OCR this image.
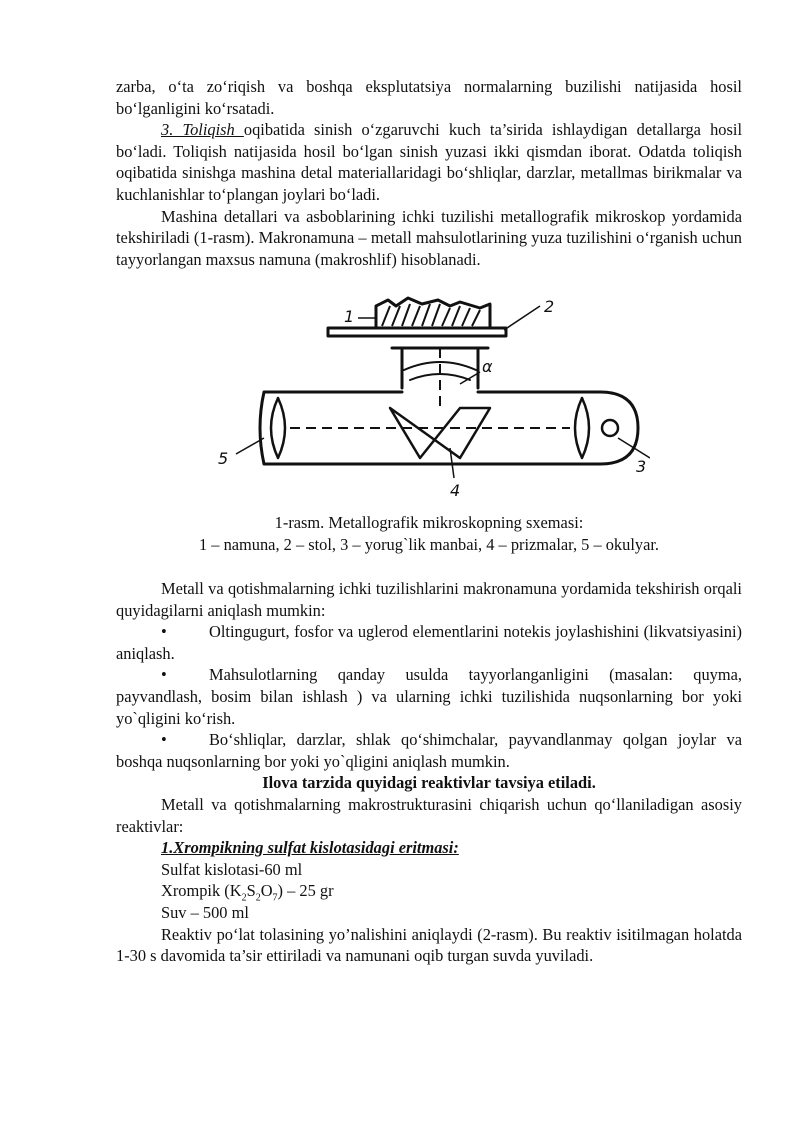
zarba, o‘ta zo‘riqish va boshqa eksplutatsiya normalarning buzilishi natijasida hosil bo‘lganligini ko‘rsatadi.

3. Toliqish oqibatida sinish o‘zgaruvchi kuch ta’sirida ishlaydigan detallarga hosil bo‘ladi. Toliqish natijasida hosil bo‘lgan sinish yuzasi ikki qismdan iborat. Odatda toliqish oqibatida sinishga mashina detal materiallaridagi bo‘shliqlar, darzlar, metallmas birikmalar va kuchlanishlar to‘plangan joylari bo‘ladi.

Mashina detallari va asboblarining ichki tuzilishi metallografik mikroskop yordamida tekshiriladi (1-rasm). Makronamuna – metall mahsulotlarining yuza tuzilishini o‘rganish uchun tayyorlangan maxsus namuna (makroshlif) hisoblanadi.

1
2
α
3
4
5

1-rasm. Metallografik mikroskopning sxemasi:

1 – namuna, 2 – stol, 3 – yorug`lik manbai, 4 – prizmalar, 5 – okulyar.

Metall va qotishmalarning ichki tuzilishlarini makronamuna yordamida tekshirish orqali quyidagilarni aniqlash mumkin:

•	Oltingugurt, fosfor va uglerod elementlarini notekis joylashishini (likvatsiyasini) aniqlash.

•	Mahsulotlarning qanday usulda tayyorlanganligini (masalan: quyma, payvandlash, bosim bilan ishlash ) va ularning ichki tuzilishida nuqsonlarning bor yoki yo`qligini ko‘rish.

•	Bo‘shliqlar, darzlar, shlak qo‘shimchalar, payvandlanmay qolgan joylar va boshqa nuqsonlarning bor yoki yo`qligini aniqlash mumkin.

Ilova tarzida quyidagi reaktivlar tavsiya etiladi.

Metall va qotishmalarning makrostrukturasini chiqarish uchun qo‘llaniladigan asosiy reaktivlar:

1.Xrompikning sulfat kislotasidagi eritmasi:

Sulfat kislotasi-60 ml

Xrompik $(K_2S_2O_7) - 25$ gr

Suv – 500 ml

Reaktiv po‘lat tolasining yo’nalishini aniqlaydi (2-rasm). Bu reaktiv isitilmagan holatda 1-30 s davomida ta’sir ettiriladi va namunani oqib turgan suvda yuviladi.
